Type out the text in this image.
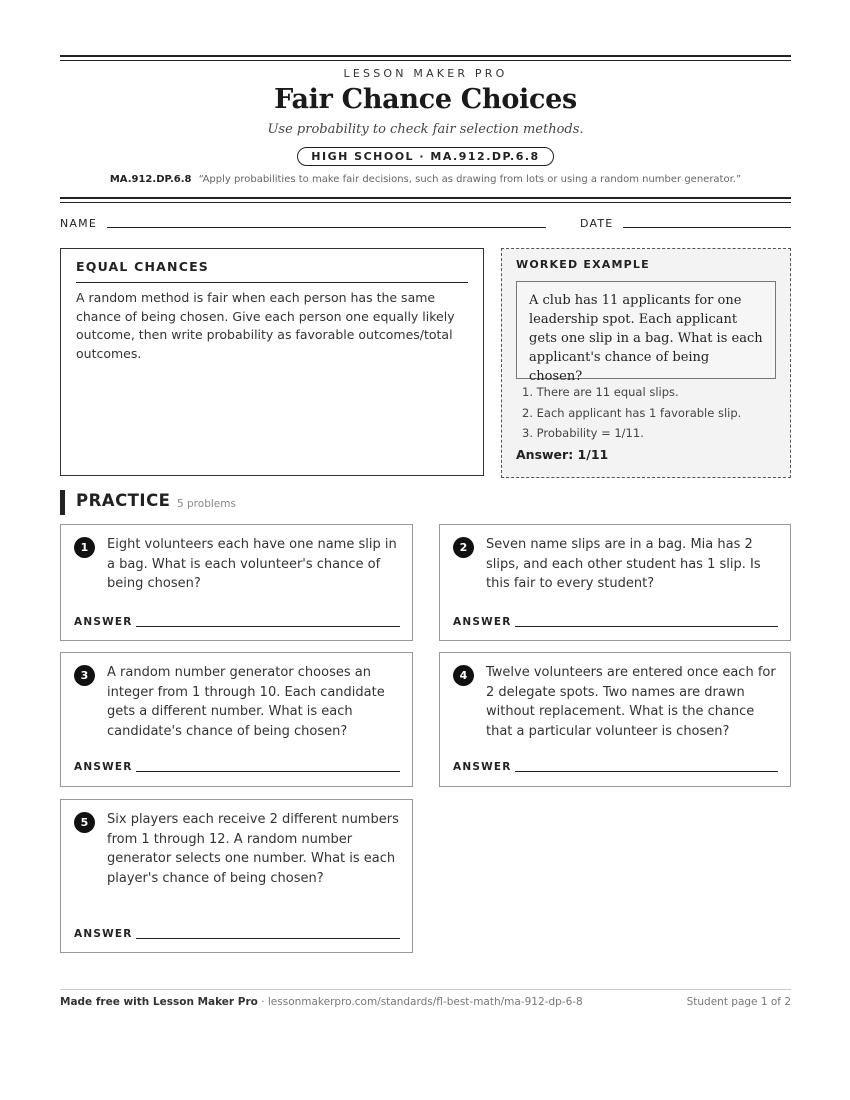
LESSON MAKER PRO
Fair Chance Choices
Use probability to check fair selection methods.
HIGH SCHOOL · MA.912.DP.6.8
MA.912.DP.6.8 “Apply probabilities to make fair decisions, such as drawing from lots or using a random number generator.”
NAME	DATE
EQUAL CHANCES
A random method is fair when each person has the same chance of being chosen. Give each person one equally likely outcome, then write probability as favorable outcomes/total outcomes.
WORKED EXAMPLE
A club has 11 applicants for one leadership spot. Each applicant gets one slip in a bag. What is each applicant's chance of being chosen?
1. There are 11 equal slips.
2. Each applicant has 1 favorable slip.
3. Probability = 1/11.
Answer: 1/11
PRACTICE 5 problems
1	Eight volunteers each have one name slip in a bag. What is each volunteer's chance of being chosen?
ANSWER
2	Seven name slips are in a bag. Mia has 2 slips, and each other student has 1 slip. Is this fair to every student?
ANSWER
3	A random number generator chooses an integer from 1 through 10. Each candidate gets a different number. What is each candidate's chance of being chosen?
ANSWER
4	Twelve volunteers are entered once each for 2 delegate spots. Two names are drawn without replacement. What is the chance that a particular volunteer is chosen?
ANSWER
5	Six players each receive 2 different numbers from 1 through 12. A random number generator selects one number. What is each player's chance of being chosen?
ANSWER
Made free with Lesson Maker Pro · lessonmakerpro.com/standards/fl-best-math/ma-912-dp-6-8	Student page 1 of 2
